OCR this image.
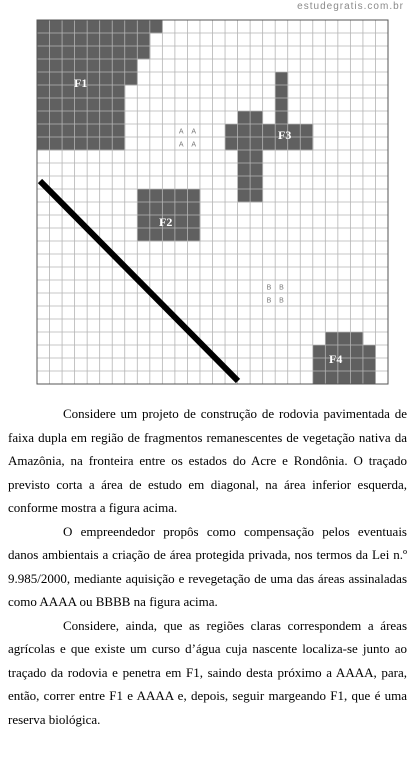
estudegratis.com.br
A A
A A
B B
B B
F1
F2
F3
F4

Considere um projeto de construção de rodovia pavimentada de faixa dupla em região de fragmentos remanescentes de vegetação nativa da Amazônia, na fronteira entre os estados do Acre e Rondônia. O traçado previsto corta a área de estudo em diagonal, na área inferior esquerda, conforme mostra a figura acima.

O empreendedor propôs como compensação pelos eventuais danos ambientais a criação de área protegida privada, nos termos da Lei n.º 9.985/2000, mediante aquisição e revegetação de uma das áreas assinaladas como AAAA ou BBBB na figura acima.

Considere, ainda, que as regiões claras correspondem a áreas agrícolas e que existe um curso d’água cuja nascente localiza-se junto ao traçado da rodovia e penetra em F1, saindo desta próximo a AAAA, para, então, correr entre F1 e AAAA e, depois, seguir margeando F1, que é uma reserva biológica.
